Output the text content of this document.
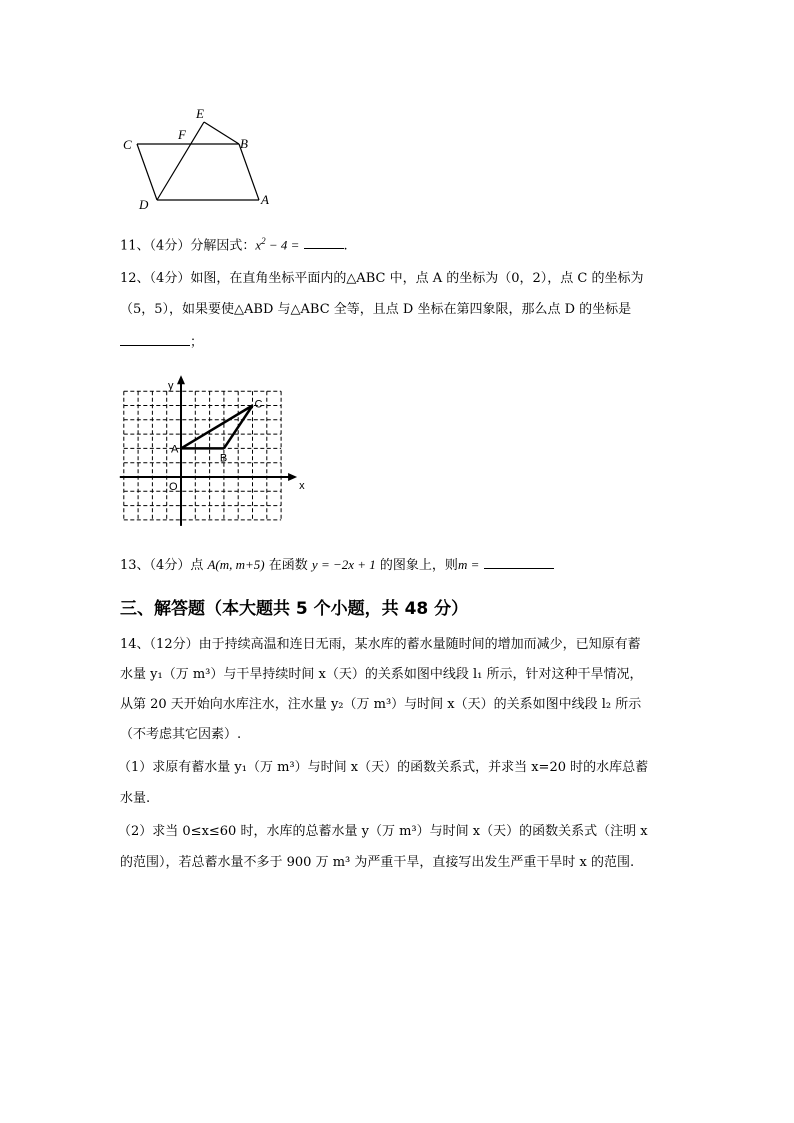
E
F
C	B
D	A
11、（4分）分解因式：$x^2 - 4$ =	.
12、（4分）如图，在直角坐标平面内的△ABC 中，点 A 的坐标为（0，2），点 C 的坐标为
（5，5），如果要使△ABD 与△ABC 全等，且点 D 坐标在第四象限，那么点 D 的坐标是
；
y
x
O
A
B
C
13、（4分）点 A(m, m+5) 在函数 y = −2x + 1 的图象上，则m =
三、解答题（本大题共 5 个小题，共 48 分）
14、（12分）由于持续高温和连日无雨，某水库的蓄水量随时间的增加而减少，已知原有蓄
水量 y₁（万 m³）与干旱持续时间 x（天）的关系如图中线段 l₁ 所示，针对这种干旱情况，
从第 20 天开始向水库注水，注水量 y₂（万 m³）与时间 x（天）的关系如图中线段 l₂ 所示
（不考虑其它因素）.
（1）求原有蓄水量 y₁（万 m³）与时间 x（天）的函数关系式，并求当 x=20 时的水库总蓄
水量.
（2）求当 0≤x≤60 时，水库的总蓄水量 y（万 m³）与时间 x（天）的函数关系式（注明 x
的范围），若总蓄水量不多于 900 万 m³ 为严重干旱，直接写出发生严重干旱时 x 的范围.
